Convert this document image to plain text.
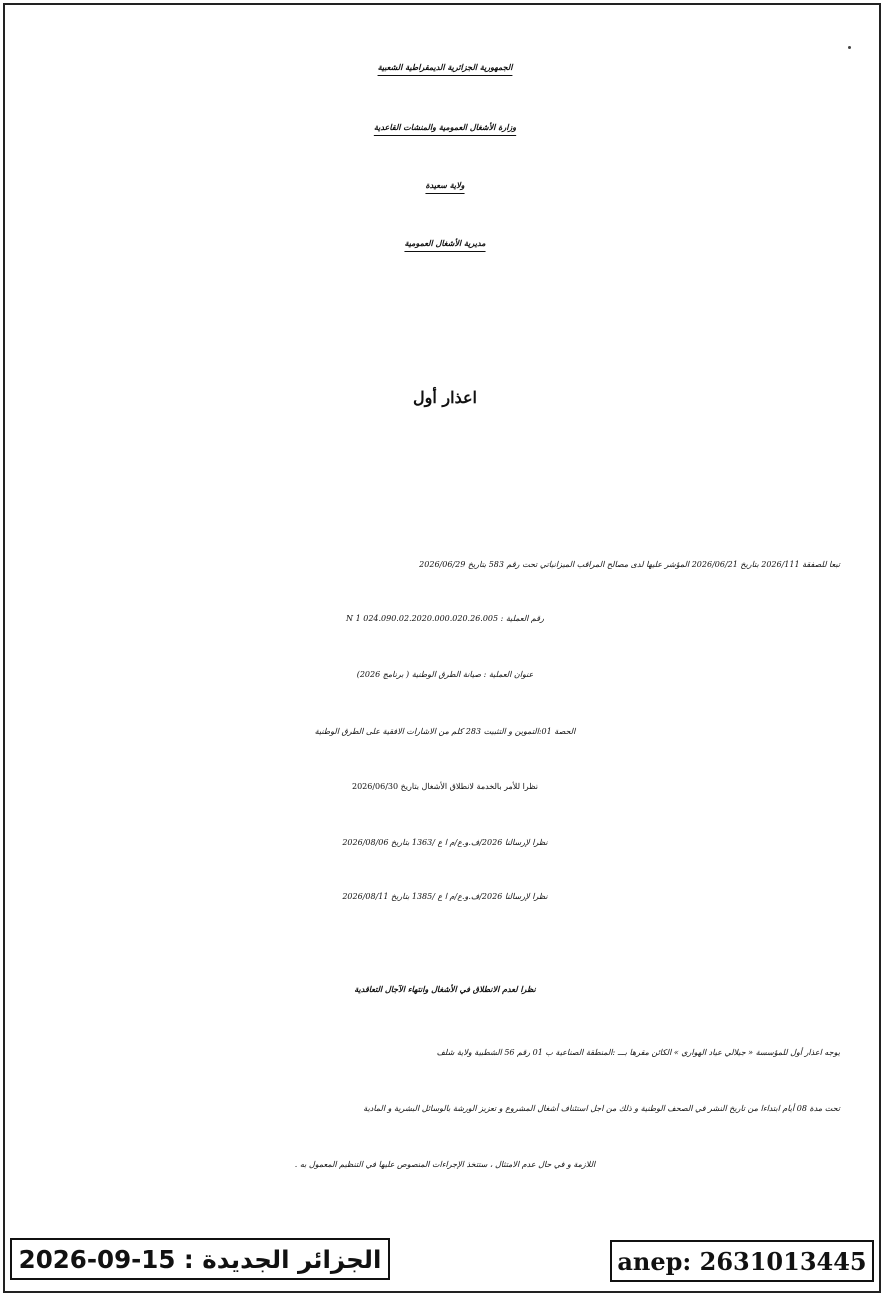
الجمهورية الجزائرية الديمقراطية الشعبية
وزارة الأشغال العمومية والمنشات القاعدية
ولاية سعيدة
مديرية الأشغال العمومية
اعذار أول
تبعا للصفقة 2026/111 بتاريخ 2026/06/21 المؤشر عليها لدى مصالح المراقب الميزانياتي تحت رقم 583 بتاريخ 2026/06/29
رقم العملية : N 1 024.090.02.2020.000.020.26.005
عنوان العملية : صيانة الطرق الوطنية ( برنامج 2026)
الحصة 01:التموين و التثبيت 283 كلم من الاشارات الافقية على الطرق الوطنية
نظرا للأمر بالخدمة لانطلاق الأشغال بتاريخ 2026/06/30
نظرا لإرسالنا 2026/ف.و.ع/م ا ع /1363 بتاريخ 2026/08/06
نظرا لإرسالنا 2026/ف.و.ع/م ا ع /1385 بتاريخ 2026/08/11
نظرا لعدم الانطلاق في الأشغال وانتهاء الآجال التعاقدية
يوجه اعذار أول للمؤسسة « جيلالي عياد الهواري » الكائن مقرها بـــ :المنطقة الصناعية ب 01 رقم 56 الشطبية ولاية شلف
تحت مدة 08 أيام ابتداءا من تاريخ النشر في الصحف الوطنية و ذلك من اجل استئناف أشغال المشروع و تعزيز الورشة بالوسائل البشرية و المادية
اللازمة و في حال عدم الامتثال ، ستتخذ الإجراءات المنصوص عليها في التنظيم المعمول به .
الجزائر الجديدة : 15-09-2026	anep: 2631013445
